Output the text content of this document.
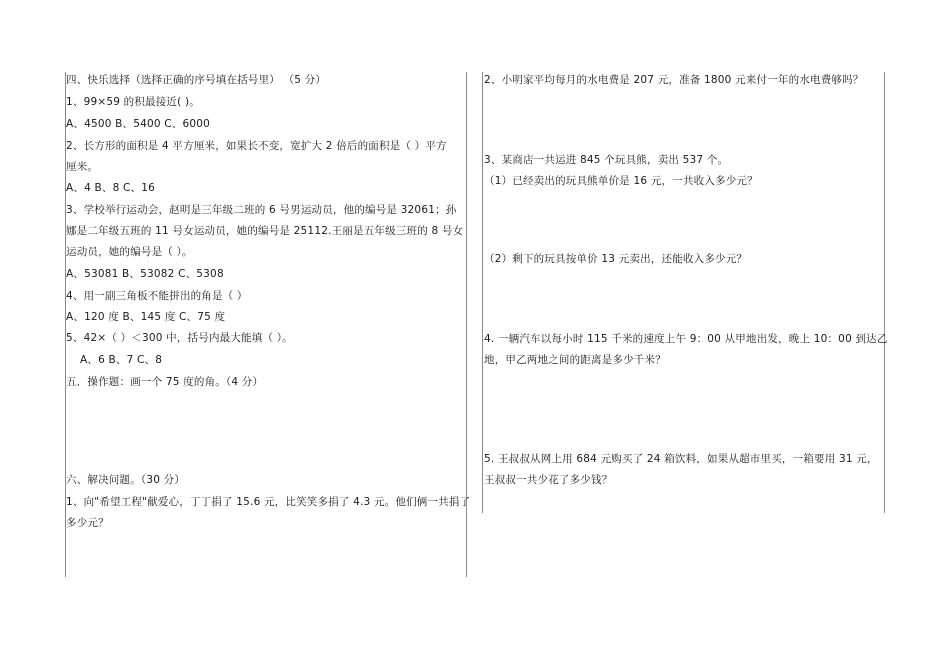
四、快乐选择（选择正确的序号填在括号里） （5 分）
1、99×59 的积最接近( )。
A、4500 B、5400 C、6000
2、长方形的面积是 4 平方厘米，如果长不变，宽扩大 2 倍后的面积是（ ）平方
厘米。
A、4 B、8 C、16
3、学校举行运动会，赵明是三年级二班的 6 号男运动员，他的编号是 32061；孙
娜是二年级五班的 11 号女运动员，她的编号是 25112.王丽是五年级三班的 8 号女
运动员，她的编号是（ ）。
A、53081 B、53082 C、5308
4、用一副三角板不能拼出的角是（ ）
A、120 度 B、145 度 C、75 度
5、42×（ ）＜300 中，括号内最大能填（ ）。
A、6 B、7 C、8
五．操作题：画一个 75 度的角。（4 分）
六、解决问题。（30 分）
1、向"希望工程"献爱心，丁丁捐了 15.6 元，比笑笑多捐了 4.3 元。他们俩一共捐了
多少元？
2、小明家平均每月的水电费是 207 元，准备 1800 元来付一年的水电费够吗？
3、某商店一共运进 845 个玩具熊，卖出 537 个。
（1）已经卖出的玩具熊单价是 16 元，一共收入多少元？
（2）剩下的玩具按单价 13 元卖出，还能收入多少元？
4. 一辆汽车以每小时 115 千米的速度上午 9：00 从甲地出发，晚上 10：00 到达乙
地，甲乙两地之间的距离是多少千米？
5. 王叔叔从网上用 684 元购买了 24 箱饮料，如果从超市里买，一箱要用 31 元，
王叔叔一共少花了多少钱？
